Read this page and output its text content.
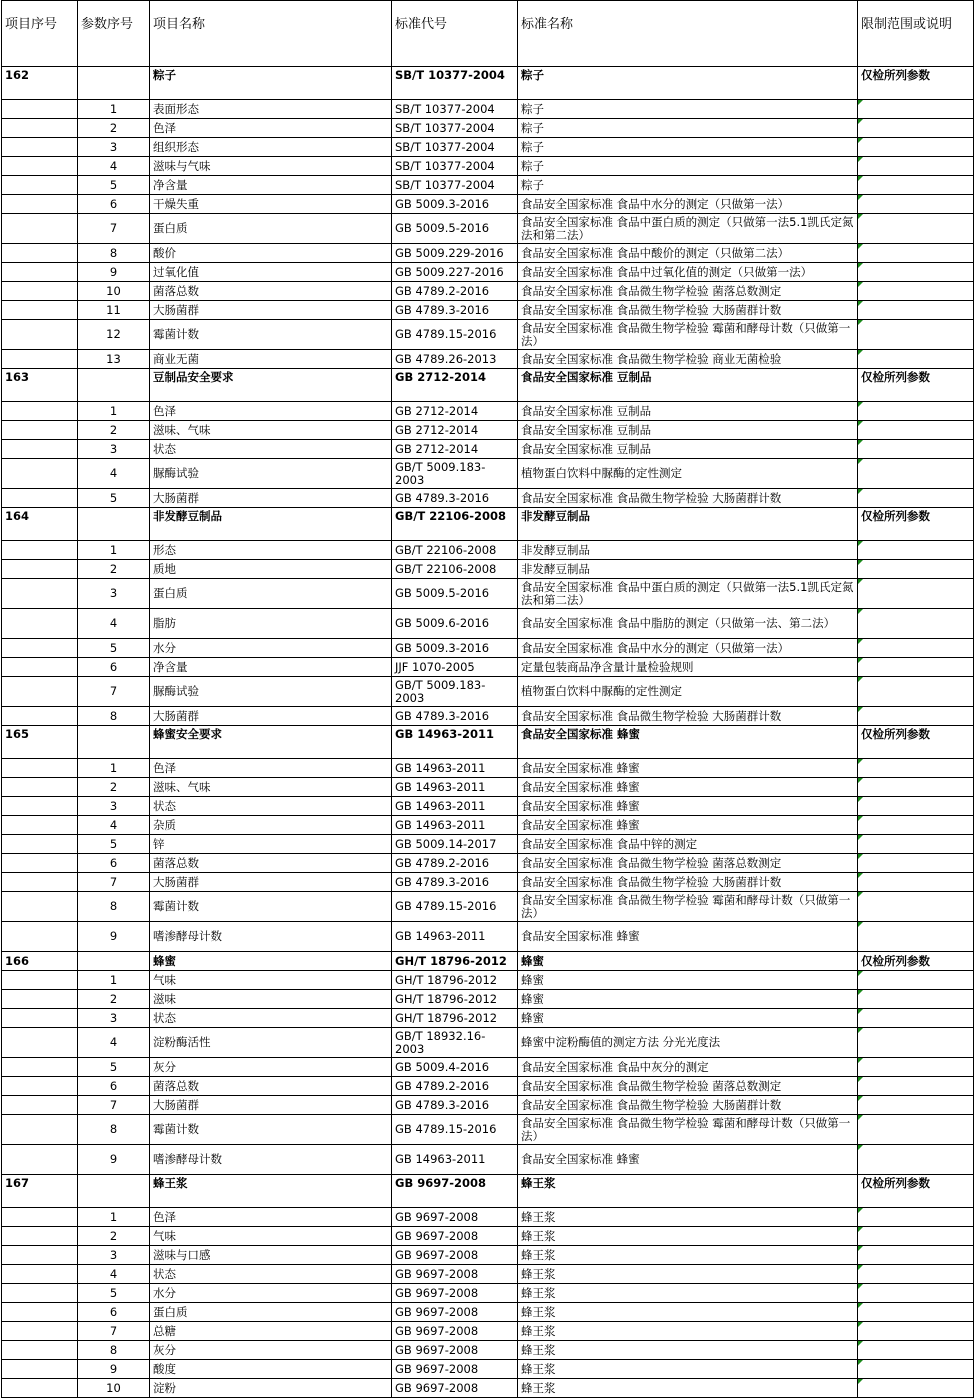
项目序号	参数序号	项目名称	标准代号	标准名称	限制范围或说明
162		粽子	SB/T 10377-2004	粽子	仅检所列参数
	1	表面形态	SB/T 10377-2004	粽子	
	2	色泽	SB/T 10377-2004	粽子	
	3	组织形态	SB/T 10377-2004	粽子	
	4	滋味与气味	SB/T 10377-2004	粽子	
	5	净含量	SB/T 10377-2004	粽子	
	6	干燥失重	GB 5009.3-2016	食品安全国家标准 食品中水分的测定（只做第一法）	
	7	蛋白质	GB 5009.5-2016	食品安全国家标准 食品中蛋白质的测定（只做第一法5.1凯氏定氮法和第二法）	
	8	酸价	GB 5009.229-2016	食品安全国家标准 食品中酸价的测定（只做第二法）	
	9	过氧化值	GB 5009.227-2016	食品安全国家标准 食品中过氧化值的测定（只做第一法）	
	10	菌落总数	GB 4789.2-2016	食品安全国家标准 食品微生物学检验 菌落总数测定	
	11	大肠菌群	GB 4789.3-2016	食品安全国家标准 食品微生物学检验 大肠菌群计数	
	12	霉菌计数	GB 4789.15-2016	食品安全国家标准 食品微生物学检验 霉菌和酵母计数（只做第一法）	
	13	商业无菌	GB 4789.26-2013	食品安全国家标准 食品微生物学检验 商业无菌检验	
163		豆制品安全要求	GB 2712-2014	食品安全国家标准 豆制品	仅检所列参数
	1	色泽	GB 2712-2014	食品安全国家标准 豆制品	
	2	滋味、气味	GB 2712-2014	食品安全国家标准 豆制品	
	3	状态	GB 2712-2014	食品安全国家标准 豆制品	
	4	脲酶试验	GB/T 5009.183-2003	植物蛋白饮料中脲酶的定性测定	
	5	大肠菌群	GB 4789.3-2016	食品安全国家标准 食品微生物学检验 大肠菌群计数	
164		非发酵豆制品	GB/T 22106-2008	非发酵豆制品	仅检所列参数
	1	形态	GB/T 22106-2008	非发酵豆制品	
	2	质地	GB/T 22106-2008	非发酵豆制品	
	3	蛋白质	GB 5009.5-2016	食品安全国家标准 食品中蛋白质的测定（只做第一法5.1凯氏定氮法和第二法）	
	4	脂肪	GB 5009.6-2016	食品安全国家标准 食品中脂肪的测定（只做第一法、第二法）	
	5	水分	GB 5009.3-2016	食品安全国家标准 食品中水分的测定（只做第一法）	
	6	净含量	JJF 1070-2005	定量包装商品净含量计量检验规则	
	7	脲酶试验	GB/T 5009.183-2003	植物蛋白饮料中脲酶的定性测定	
	8	大肠菌群	GB 4789.3-2016	食品安全国家标准 食品微生物学检验 大肠菌群计数	
165		蜂蜜安全要求	GB 14963-2011	食品安全国家标准 蜂蜜	仅检所列参数
	1	色泽	GB 14963-2011	食品安全国家标准 蜂蜜	
	2	滋味、气味	GB 14963-2011	食品安全国家标准 蜂蜜	
	3	状态	GB 14963-2011	食品安全国家标准 蜂蜜	
	4	杂质	GB 14963-2011	食品安全国家标准 蜂蜜	
	5	锌	GB 5009.14-2017	食品安全国家标准 食品中锌的测定	
	6	菌落总数	GB 4789.2-2016	食品安全国家标准 食品微生物学检验 菌落总数测定	
	7	大肠菌群	GB 4789.3-2016	食品安全国家标准 食品微生物学检验 大肠菌群计数	
	8	霉菌计数	GB 4789.15-2016	食品安全国家标准 食品微生物学检验 霉菌和酵母计数（只做第一法）	
	9	嗜渗酵母计数	GB 14963-2011	食品安全国家标准 蜂蜜	
166		蜂蜜	GH/T 18796-2012	蜂蜜	仅检所列参数
	1	气味	GH/T 18796-2012	蜂蜜	
	2	滋味	GH/T 18796-2012	蜂蜜	
	3	状态	GH/T 18796-2012	蜂蜜	
	4	淀粉酶活性	GB/T 18932.16-2003	蜂蜜中淀粉酶值的测定方法 分光光度法	
	5	灰分	GB 5009.4-2016	食品安全国家标准 食品中灰分的测定	
	6	菌落总数	GB 4789.2-2016	食品安全国家标准 食品微生物学检验 菌落总数测定	
	7	大肠菌群	GB 4789.3-2016	食品安全国家标准 食品微生物学检验 大肠菌群计数	
	8	霉菌计数	GB 4789.15-2016	食品安全国家标准 食品微生物学检验 霉菌和酵母计数（只做第一法）	
	9	嗜渗酵母计数	GB 14963-2011	食品安全国家标准 蜂蜜	
167		蜂王浆	GB 9697-2008	蜂王浆	仅检所列参数
	1	色泽	GB 9697-2008	蜂王浆	
	2	气味	GB 9697-2008	蜂王浆	
	3	滋味与口感	GB 9697-2008	蜂王浆	
	4	状态	GB 9697-2008	蜂王浆	
	5	水分	GB 9697-2008	蜂王浆	
	6	蛋白质	GB 9697-2008	蜂王浆	
	7	总糖	GB 9697-2008	蜂王浆	
	8	灰分	GB 9697-2008	蜂王浆	
	9	酸度	GB 9697-2008	蜂王浆	
	10	淀粉	GB 9697-2008	蜂王浆	
